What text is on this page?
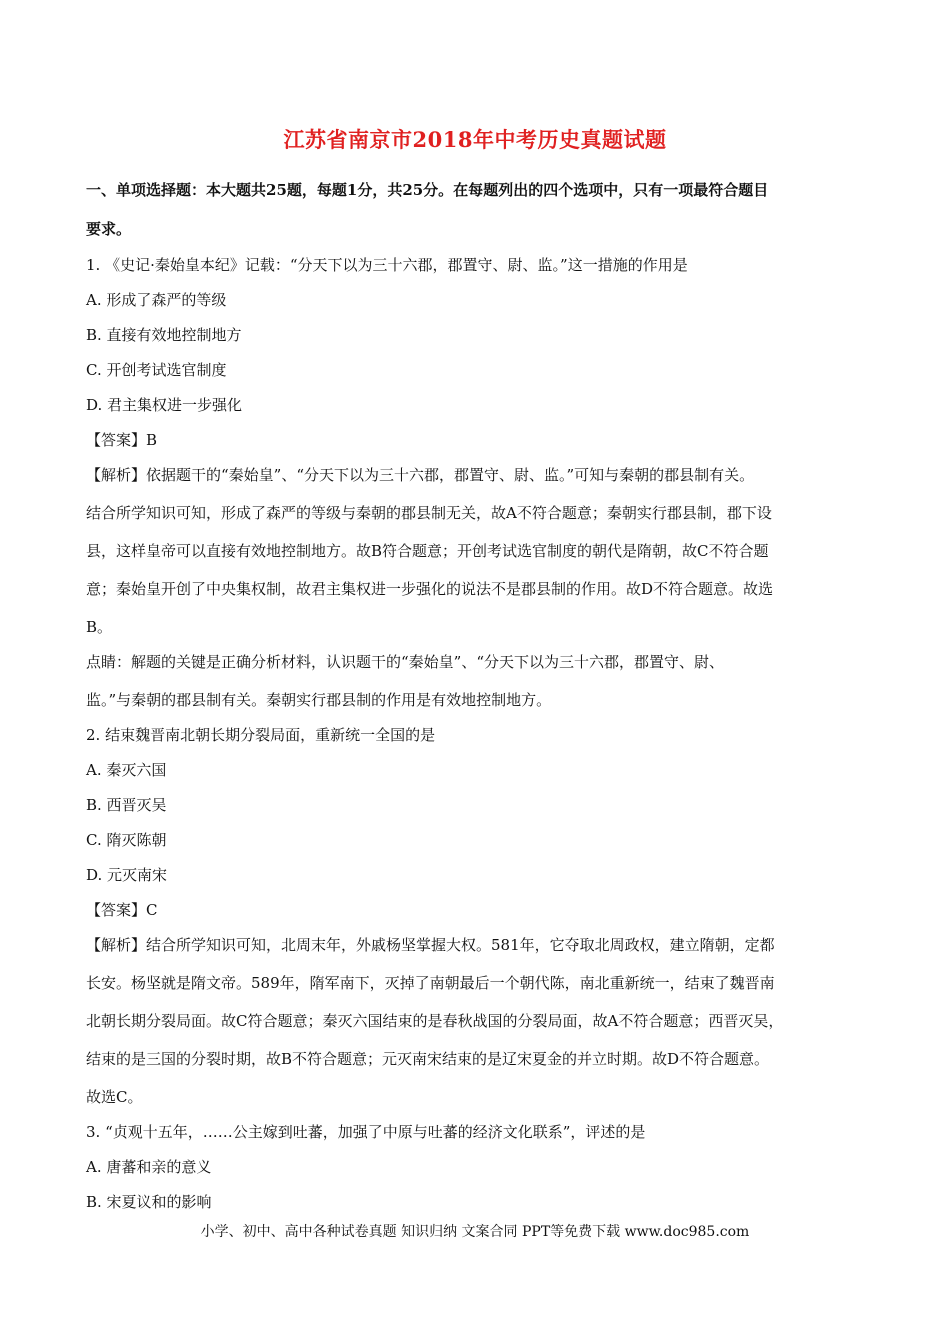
江苏省南京市2018年中考历史真题试题
一、单项选择题：本大题共25题，每题1分，共25分。在每题列出的四个选项中，只有一项最符合题目
要求。
1. 《史记·秦始皇本纪》记载：“分天下以为三十六郡，郡置守、尉、监。”这一措施的作用是
A. 形成了森严的等级
B. 直接有效地控制地方
C. 开创考试选官制度
D. 君主集权进一步强化
【答案】B
【解析】依据题干的“秦始皇”、“分天下以为三十六郡，郡置守、尉、监。”可知与秦朝的郡县制有关。
结合所学知识可知，形成了森严的等级与秦朝的郡县制无关，故A不符合题意；秦朝实行郡县制，郡下设
县，这样皇帝可以直接有效地控制地方。故B符合题意；开创考试选官制度的朝代是隋朝，故C不符合题
意；秦始皇开创了中央集权制，故君主集权进一步强化的说法不是郡县制的作用。故D不符合题意。故选
B。
点睛：解题的关键是正确分析材料，认识题干的“秦始皇”、“分天下以为三十六郡，郡置守、尉、
监。”与秦朝的郡县制有关。秦朝实行郡县制的作用是有效地控制地方。
2. 结束魏晋南北朝长期分裂局面，重新统一全国的是
A. 秦灭六国
B. 西晋灭吴
C. 隋灭陈朝
D. 元灭南宋
【答案】C
【解析】结合所学知识可知，北周末年，外戚杨坚掌握大权。581年，它夺取北周政权，建立隋朝，定都
长安。杨坚就是隋文帝。589年，隋军南下，灭掉了南朝最后一个朝代陈，南北重新统一，结束了魏晋南
北朝长期分裂局面。故C符合题意；秦灭六国结束的是春秋战国的分裂局面，故A不符合题意；西晋灭吴，
结束的是三国的分裂时期，故B不符合题意；元灭南宋结束的是辽宋夏金的并立时期。故D不符合题意。
故选C。
3. “贞观十五年，……公主嫁到吐蕃，加强了中原与吐蕃的经济文化联系”，评述的是
A. 唐蕃和亲的意义
B. 宋夏议和的影响
小学、初中、高中各种试卷真题 知识归纳 文案合同 PPT等免费下载 www.doc985.com
